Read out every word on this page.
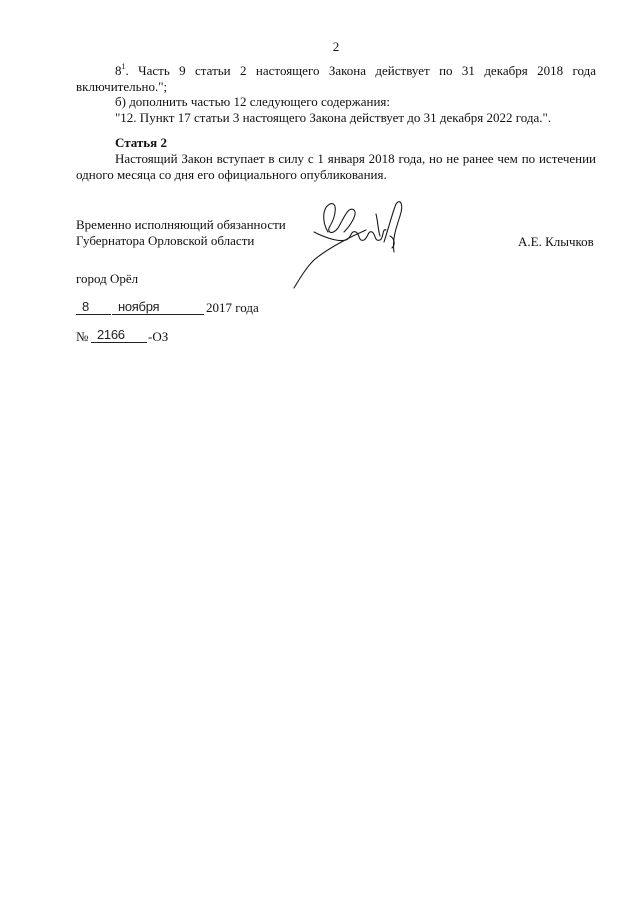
2
$8^1$. Часть 9 статьи 2 настоящего Закона действует по 31 декабря 2018 года
включительно.";
б) дополнить частью 12 следующего содержания:
"12. Пункт 17 статьи 3 настоящего Закона действует до 31 декабря 2022 года.".
Статья 2
Настоящий Закон вступает в силу с 1 января 2018 года, но не ранее чем по истечении
одного месяца со дня его официального опубликования.
Временно исполняющий обязанности
Губернатора Орловской области	А.Е. Клычков
город Орёл
8 ноября	2017 года
№ 2166 -ОЗ
